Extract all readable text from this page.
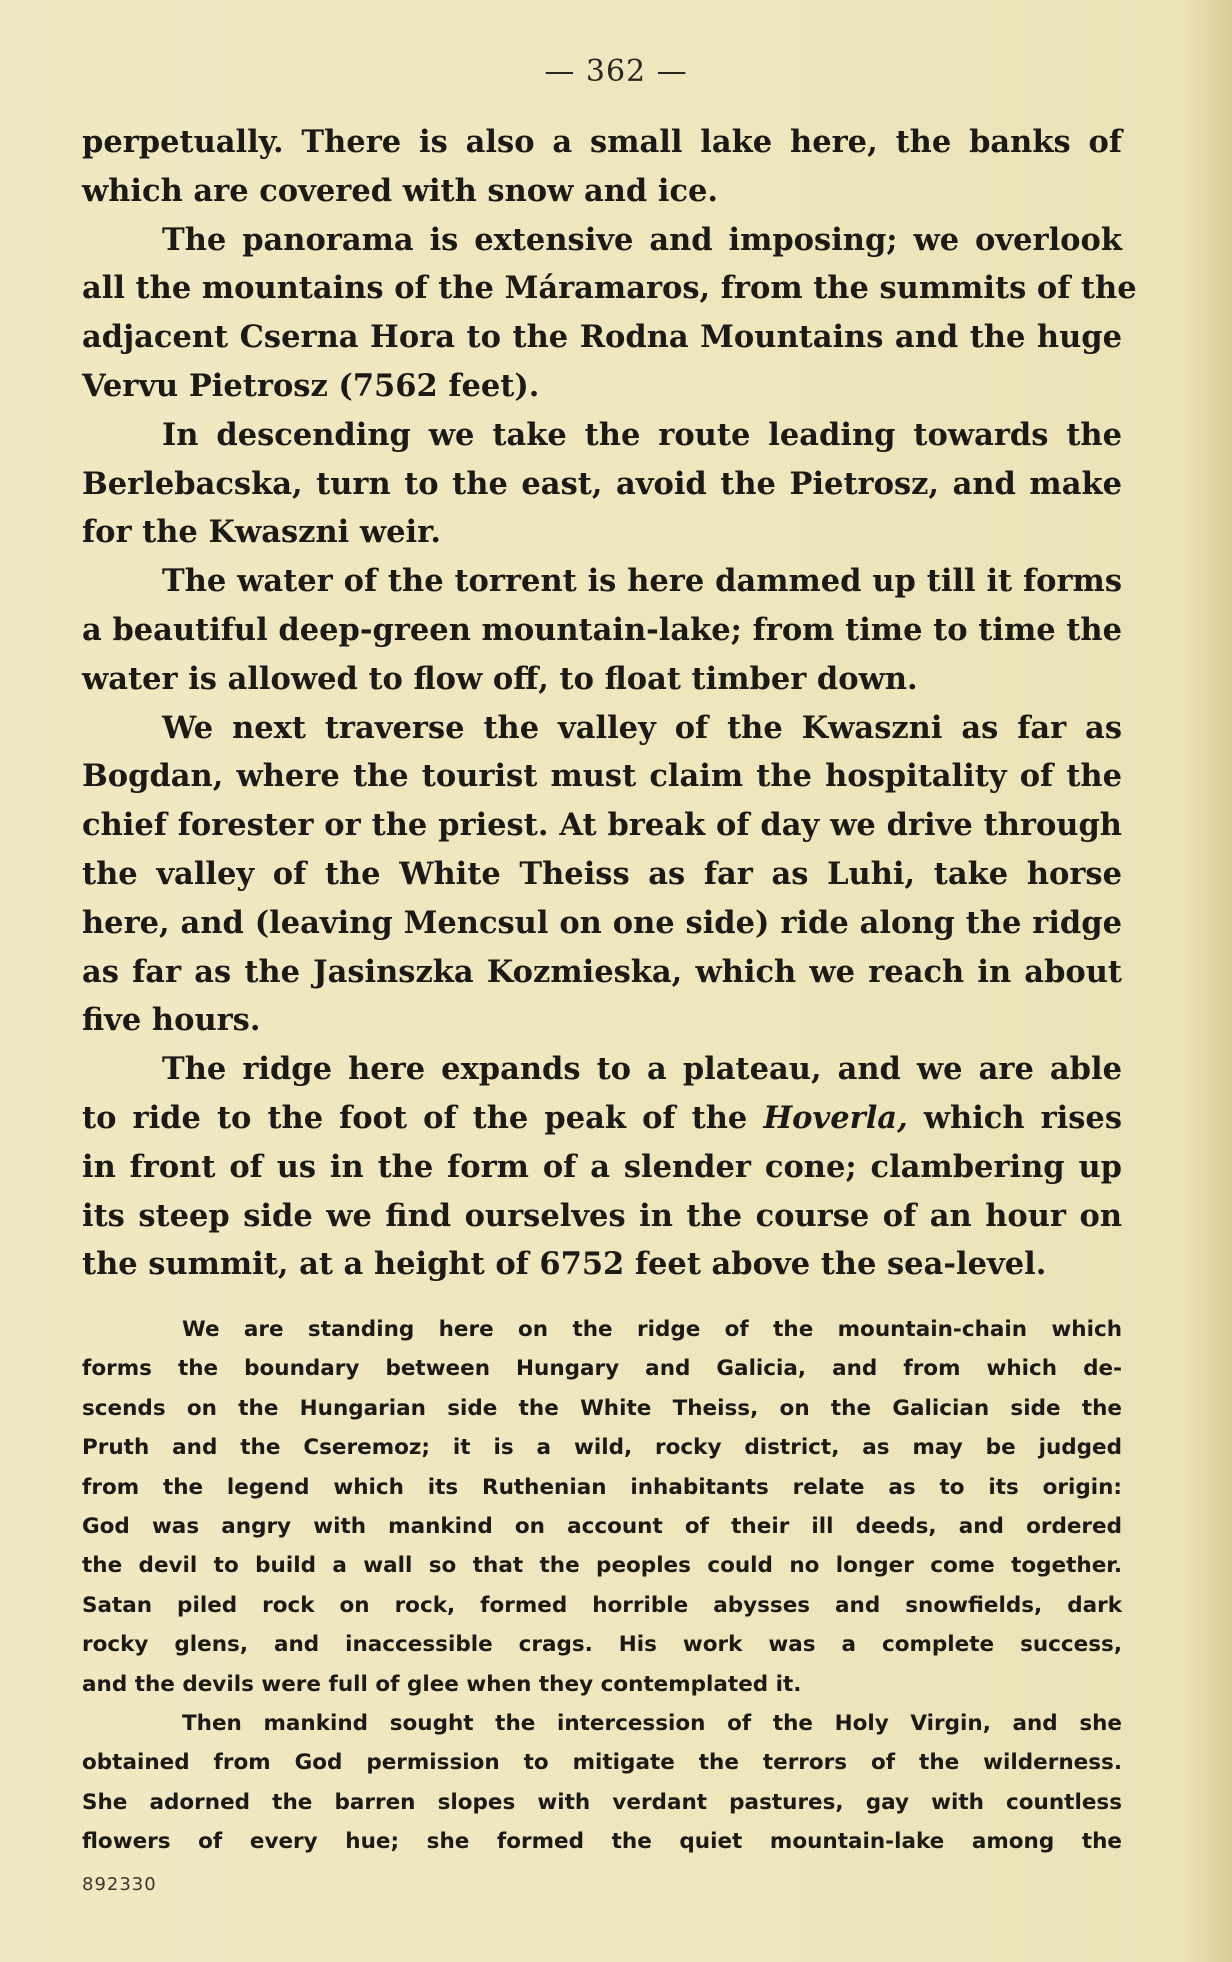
— 362 —
perpetually. There is also a small lake here, the banks of
which are covered with snow and ice.
The panorama is extensive and imposing; we overlook
all the mountains of the Máramaros, from the summits of the
adjacent Cserna Hora to the Rodna Mountains and the huge
Vervu Pietrosz (7562 feet).
In descending we take the route leading towards the
Berlebacska, turn to the east, avoid the Pietrosz, and make
for the Kwaszni weir.
The water of the torrent is here dammed up till it forms
a beautiful deep-green mountain-lake; from time to time the
water is allowed to flow off, to float timber down.
We next traverse the valley of the Kwaszni as far as
Bogdan, where the tourist must claim the hospitality of the
chief forester or the priest. At break of day we drive through
the valley of the White Theiss as far as Luhi, take horse
here, and (leaving Mencsul on one side) ride along the ridge
as far as the Jasinszka Kozmieska, which we reach in about
five hours.
The ridge here expands to a plateau, and we are able
to ride to the foot of the peak of the Hoverla, which rises
in front of us in the form of a slender cone; clambering up
its steep side we find ourselves in the course of an hour on
the summit, at a height of 6752 feet above the sea-level.
We are standing here on the ridge of the mountain-chain which
forms the boundary between Hungary and Galicia, and from which de-
scends on the Hungarian side the White Theiss, on the Galician side the
Pruth and the Cseremoz; it is a wild, rocky district, as may be judged
from the legend which its Ruthenian inhabitants relate as to its origin:
God was angry with mankind on account of their ill deeds, and ordered
the devil to build a wall so that the peoples could no longer come together.
Satan piled rock on rock, formed horrible abysses and snowfields, dark
rocky glens, and inaccessible crags. His work was a complete success,
and the devils were full of glee when they contemplated it.
Then mankind sought the intercession of the Holy Virgin, and she
obtained from God permission to mitigate the terrors of the wilderness.
She adorned the barren slopes with verdant pastures, gay with countless
flowers of every hue; she formed the quiet mountain-lake among the
892330
